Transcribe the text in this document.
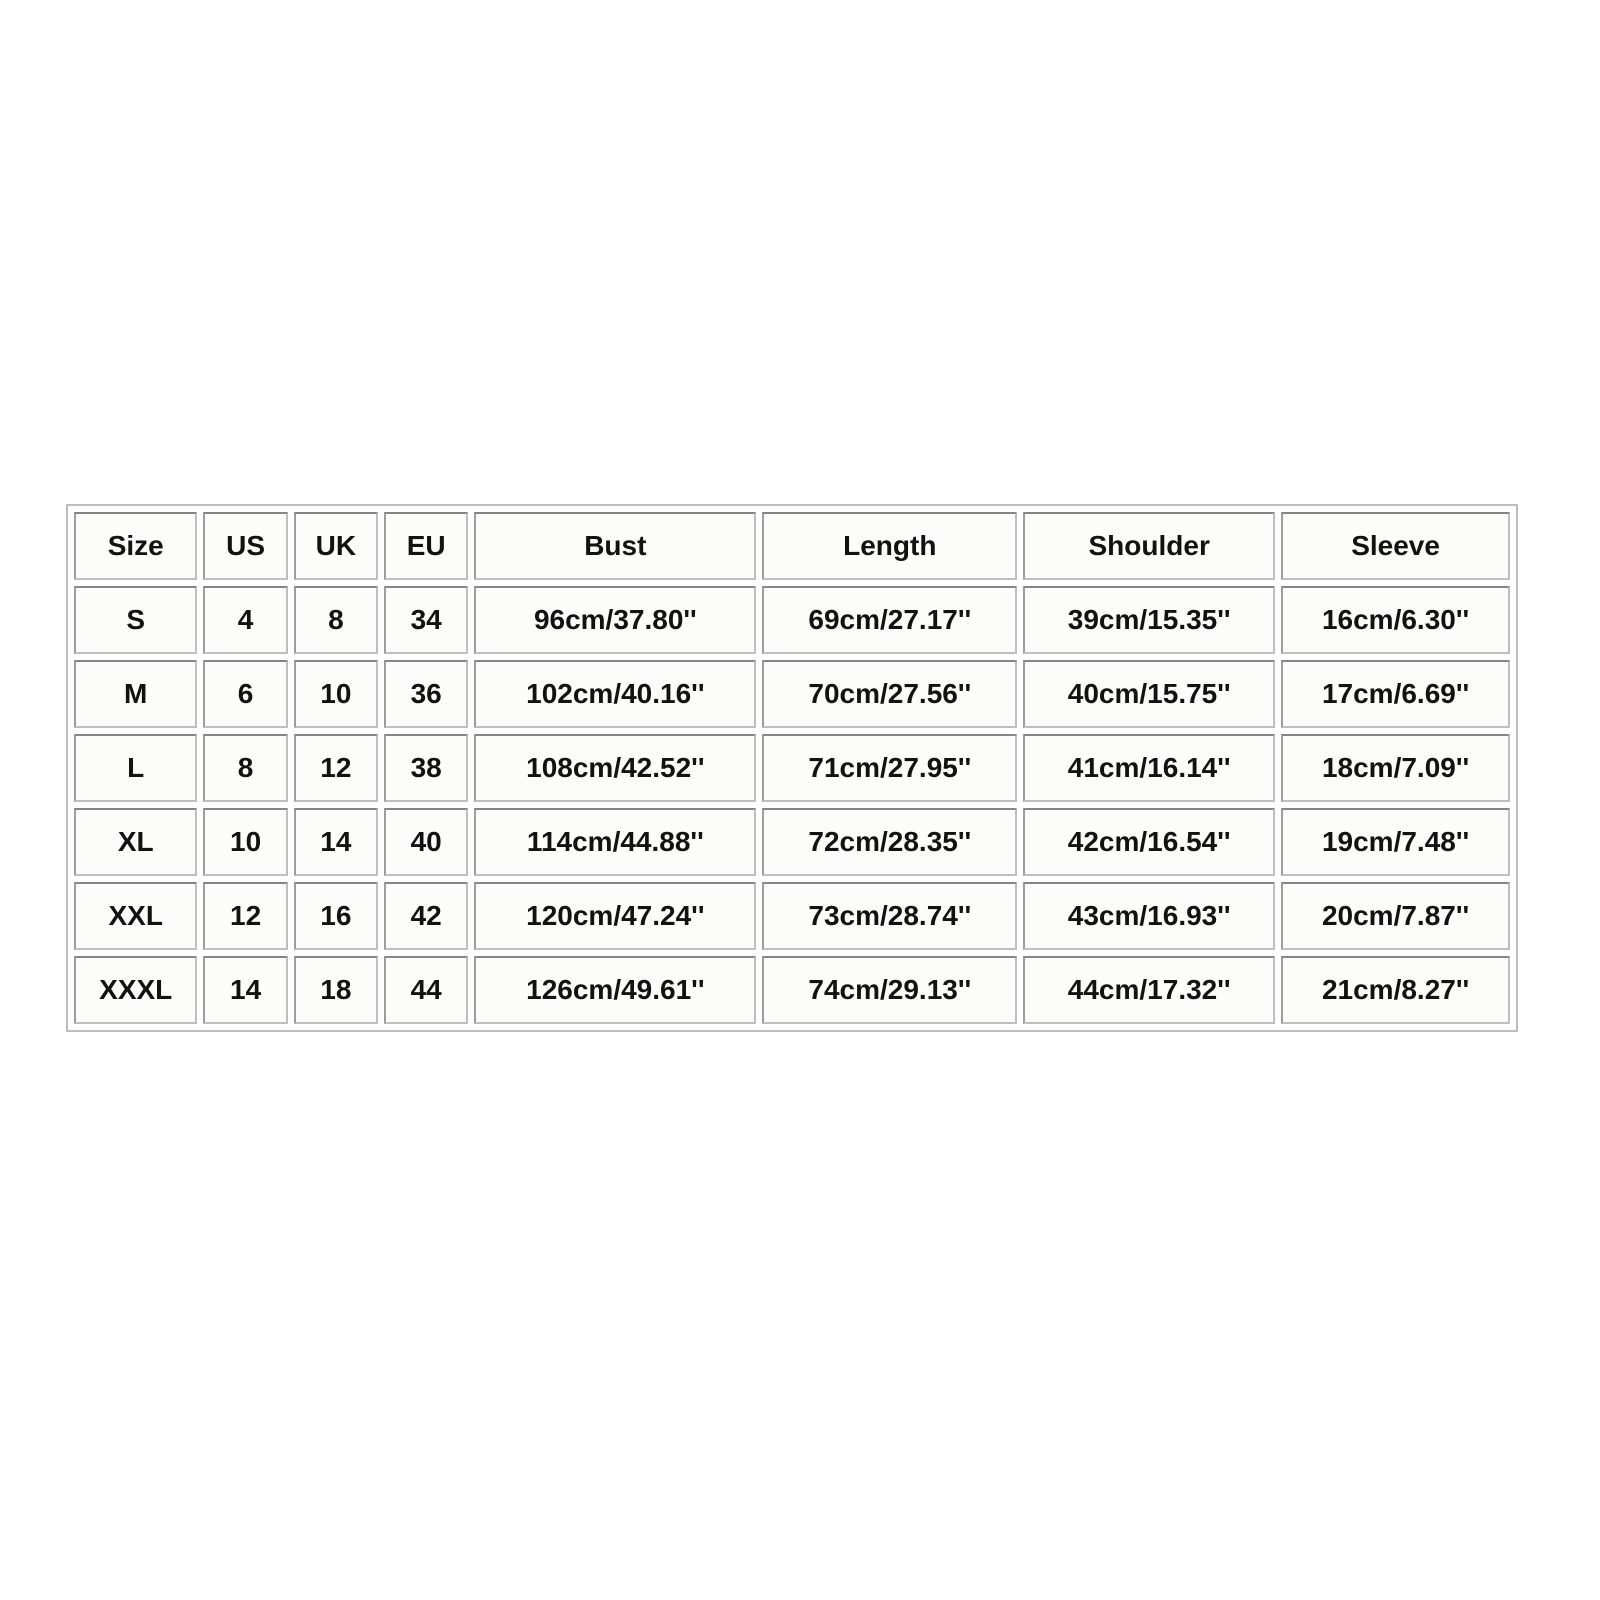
Size	US	UK	EU	Bust	Length	Shoulder	Sleeve
S	4	8	34	96cm/37.80''	69cm/27.17''	39cm/15.35''	16cm/6.30''
M	6	10	36	102cm/40.16''	70cm/27.56''	40cm/15.75''	17cm/6.69''
L	8	12	38	108cm/42.52''	71cm/27.95''	41cm/16.14''	18cm/7.09''
XL	10	14	40	114cm/44.88''	72cm/28.35''	42cm/16.54''	19cm/7.48''
XXL	12	16	42	120cm/47.24''	73cm/28.74''	43cm/16.93''	20cm/7.87''
XXXL	14	18	44	126cm/49.61''	74cm/29.13''	44cm/17.32''	21cm/8.27''
